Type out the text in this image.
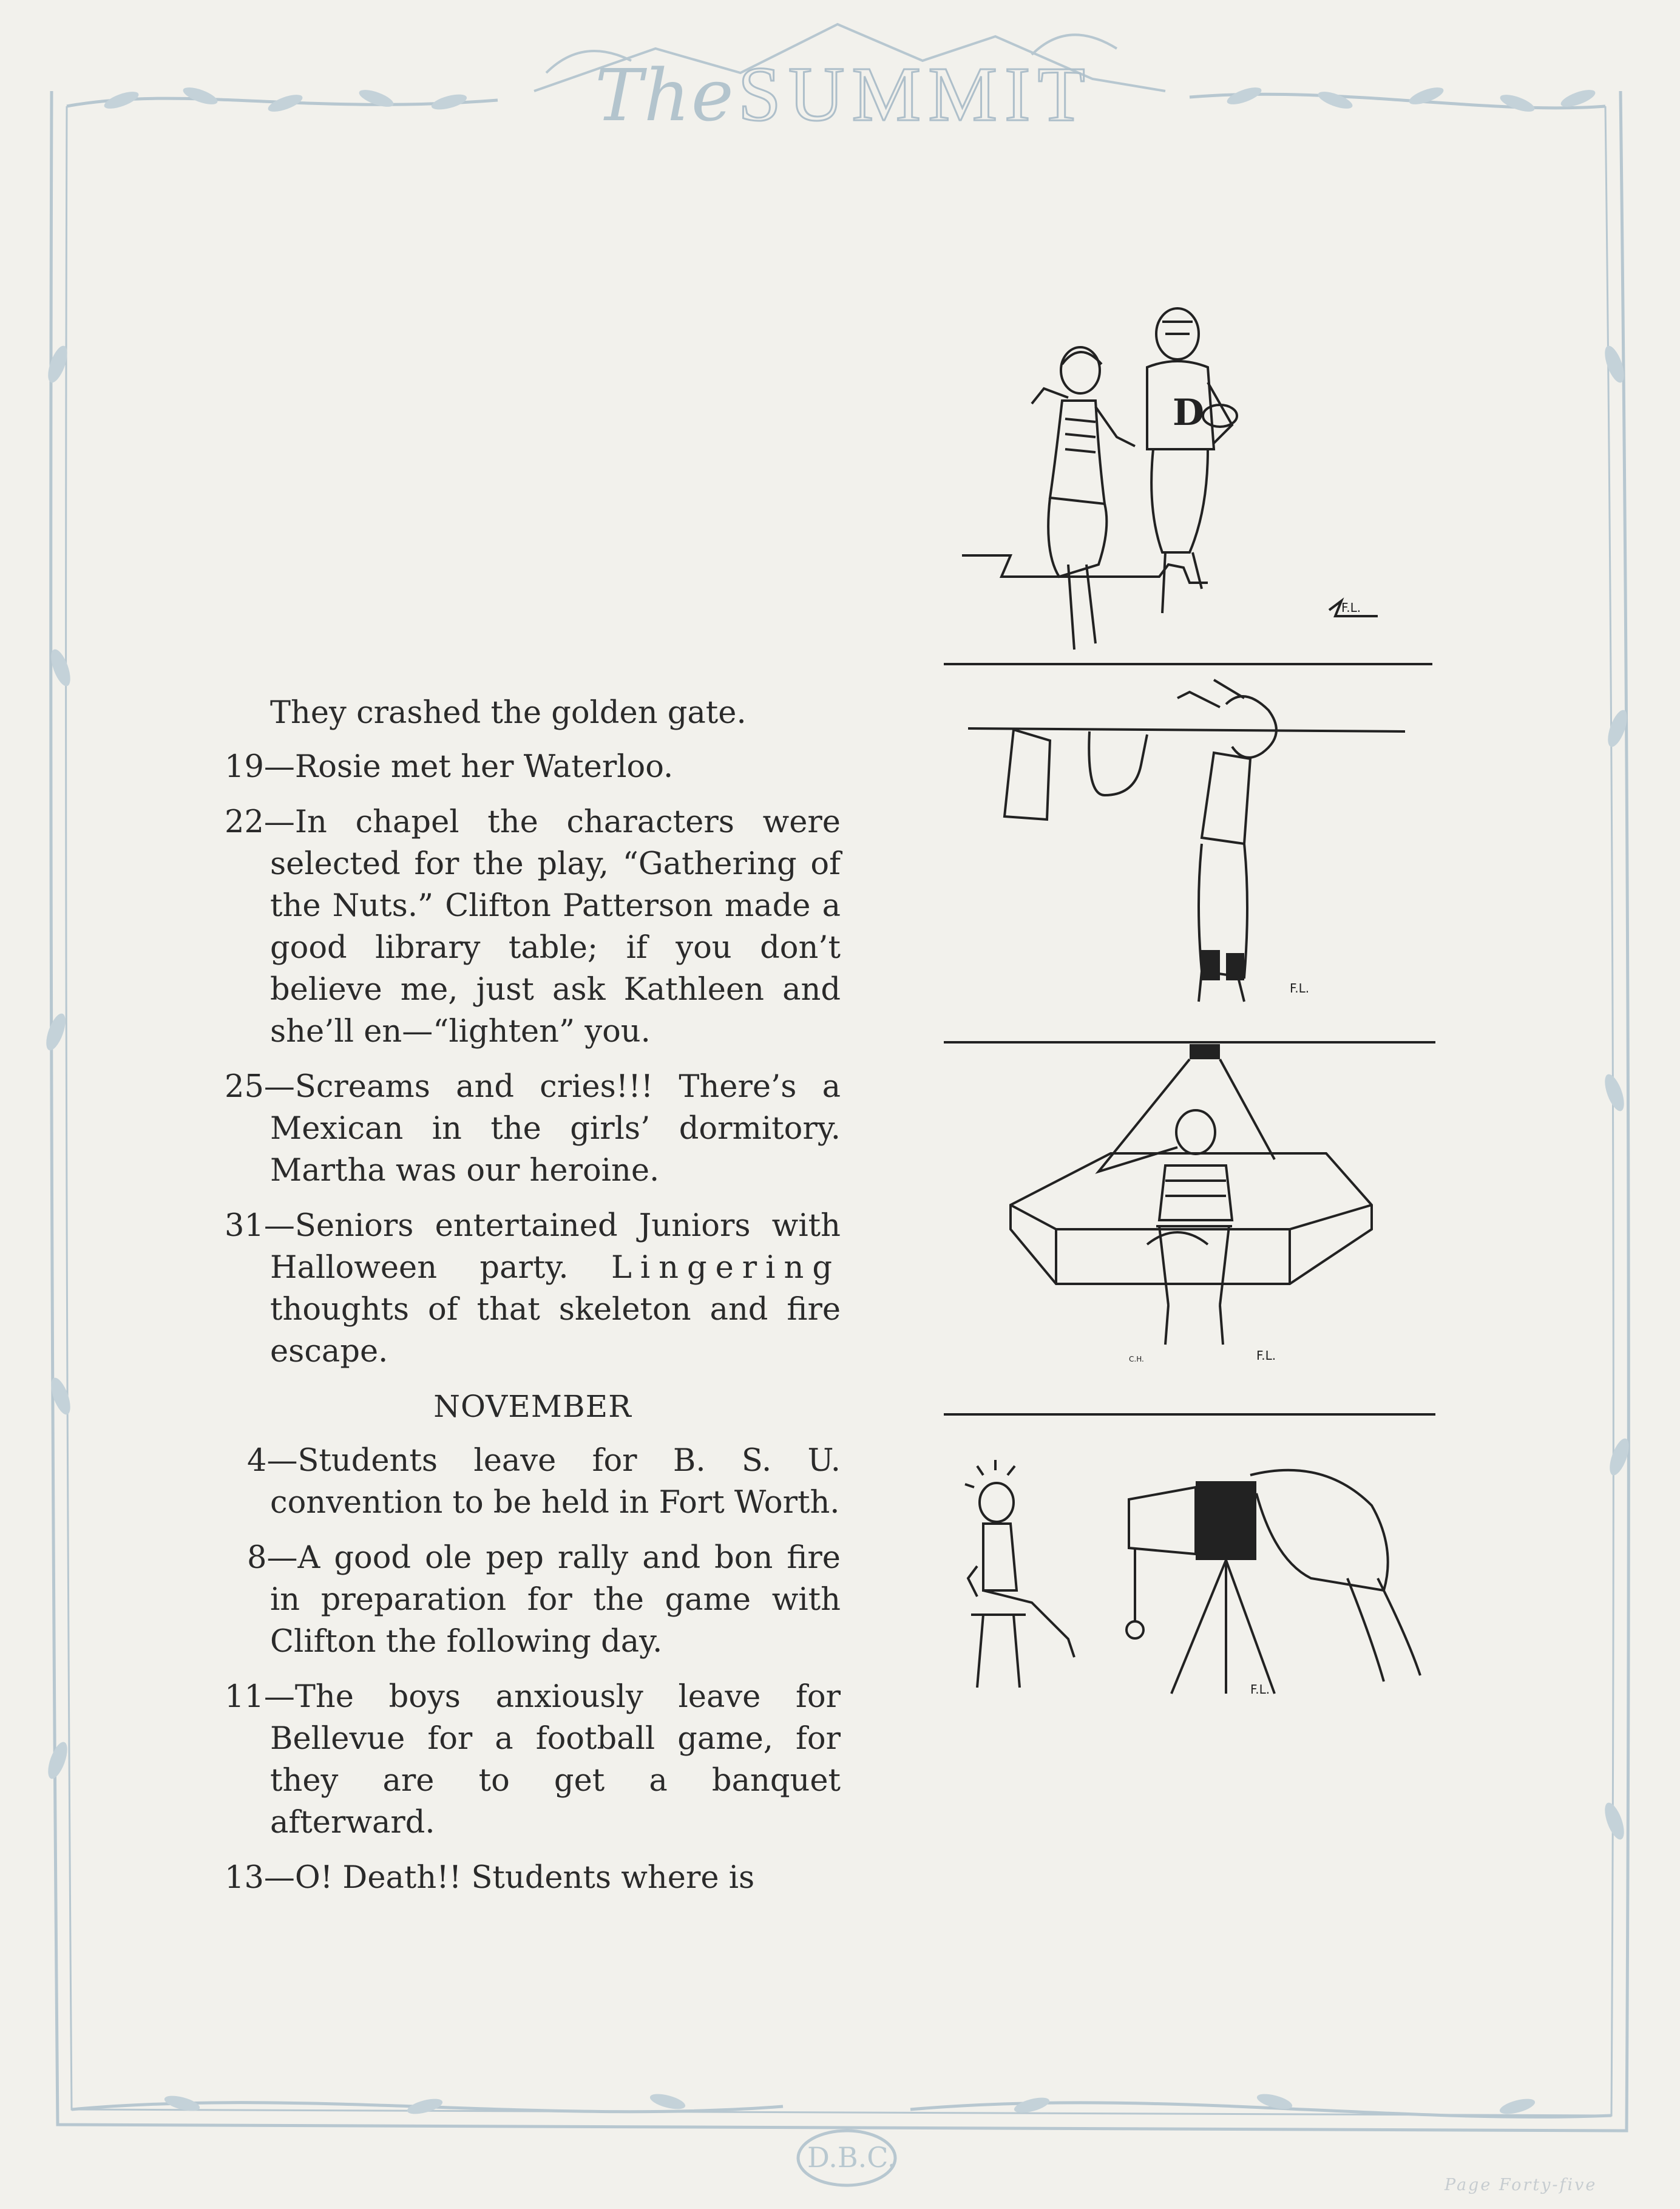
The SUMMIT

They crashed the golden gate.

19—Rosie met her Waterloo.

22—In chapel the characters were selected for the play, “Gathering of the Nuts.” Clifton Patterson made a good library table; if you don’t believe me, just ask Kathleen and she’ll en—“lighten” you.

25—Screams and cries!!! There’s a Mexican in the girls’ dormitory. Martha was our heroine.

31—Seniors entertained Juniors with Halloween party. Lingering thoughts of that skeleton and fire escape.

NOVEMBER

4—Students leave for B. S. U. convention to be held in Fort Worth.

8—A good ole pep rally and bon fire in preparation for the game with Clifton the following day.

11—The boys anxiously leave for Bellevue for a football game, for they are to get a banquet afterward.

13—O! Death!! Students where is

D
F.L.
F.L.
F.L.
C.H.
F.L.
D.B.C.
Page Forty-five
